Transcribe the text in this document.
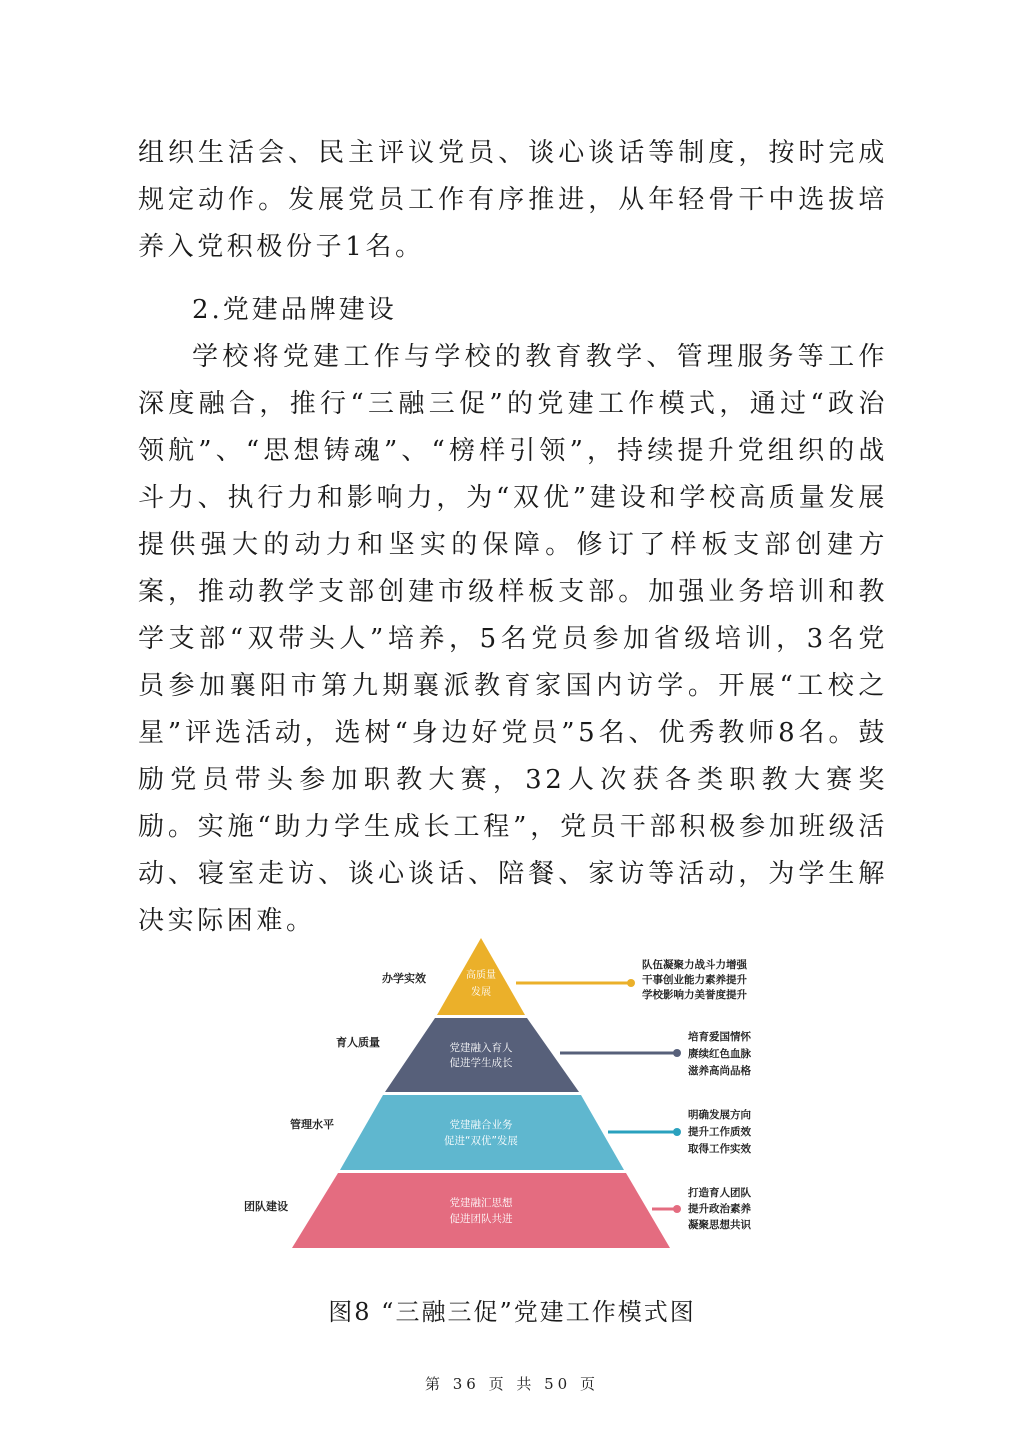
组织生活会、民主评议党员、谈心谈话等制度，按时完成规定动作。发展党员工作有序推进，从年轻骨干中选拔培养入党积极份子1名。

2.党建品牌建设

学校将党建工作与学校的教育教学、管理服务等工作深度融合，推行“三融三促”的党建工作模式，通过“政治领航”、“思想铸魂”、“榜样引领”，持续提升党组织的战斗力、执行力和影响力，为“双优”建设和学校高质量发展提供强大的动力和坚实的保障。修订了样板支部创建方案，推动教学支部创建市级样板支部。加强业务培训和教学支部“双带头人”培养，5名党员参加省级培训，3名党员参加襄阳市第九期襄派教育家国内访学。开展“工校之星”评选活动，选树“身边好党员”5名、优秀教师8名。鼓励党员带头参加职教大赛，32人次获各类职教大赛奖励。实施“助力学生成长工程”，党员干部积极参加班级活动、寝室走访、谈心谈话、陪餐、家访等活动，为学生解决实际困难。

办学实效
育人质量
管理水平
团队建设
高质量
发展
党建融入育人
促进学生成长
党建融合业务
促进“双优”发展
党建融汇思想
促进团队共进
队伍凝聚力战斗力增强
干事创业能力素养提升
学校影响力美誉度提升
培育爱国情怀
赓续红色血脉
滋养高尚品格
明确发展方向
提升工作质效
取得工作实效
打造育人团队
提升政治素养
凝聚思想共识
图8 “三融三促”党建工作模式图
第 36 页 共 50 页
